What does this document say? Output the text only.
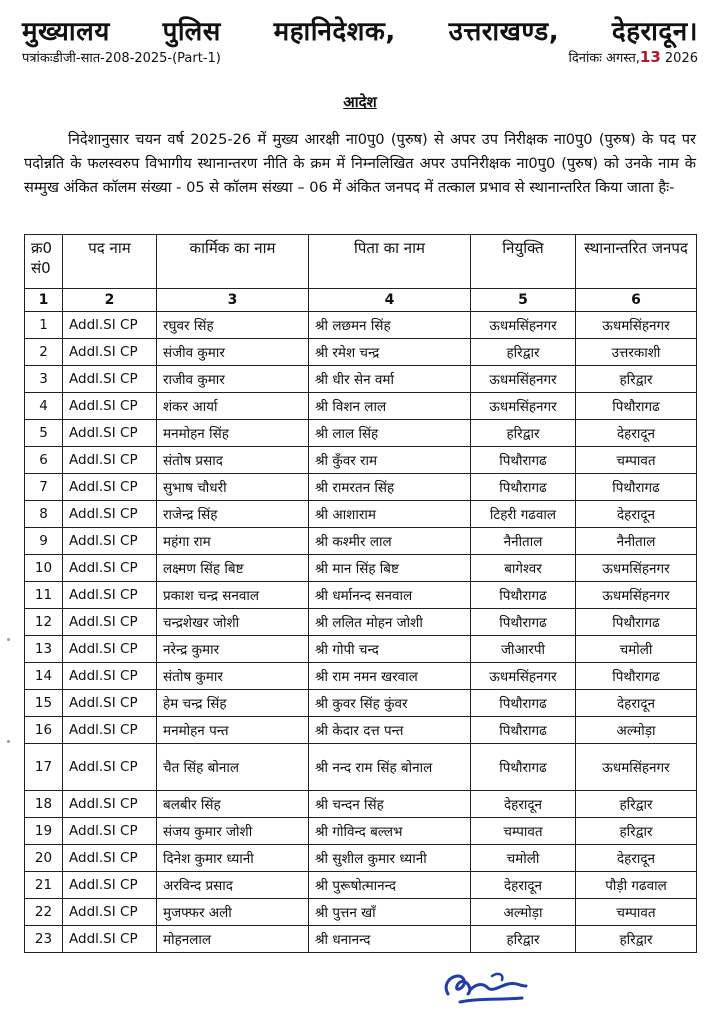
मुख्यालय पुलिस महानिदेशक, उत्तराखण्ड, देहरादून।
पत्रांकःडीजी-सात-208-2025-(Part-1)	दिनांकः अगस्त,13 2026
आदेश

निदेशानुसार चयन वर्ष 2025-26 में मुख्य आरक्षी ना0पु0 (पुरुष) से अपर उप निरीक्षक ना0पु0 (पुरुष) के पद पर पदोन्नति के फलस्वरुप विभागीय स्थानान्तरण नीति के क्रम में निम्नलिखित अपर उपनिरीक्षक ना0पु0 (पुरुष) को उनके नाम के सम्मुख अंकित कॉलम संख्या - 05 से कॉलम संख्या – 06 में अंकित जनपद में तत्काल प्रभाव से स्थानान्तरित किया जाता हैः-

क्र0 सं0	पद नाम	कार्मिक का नाम	पिता का नाम	नियुक्ति	स्थानान्तरित जनपद
1	2	3	4	5	6
1	Addl.SI CP	रघुवर सिंह	श्री लछमन सिंह	ऊधमसिंहनगर	ऊधमसिंहनगर
2	Addl.SI CP	संजीव कुमार	श्री रमेश चन्द्र	हरिद्वार	उत्तरकाशी
3	Addl.SI CP	राजीव कुमार	श्री धीर सेन वर्मा	ऊधमसिंहनगर	हरिद्वार
4	Addl.SI CP	शंकर आर्या	श्री विशन लाल	ऊधमसिंहनगर	पिथौरागढ
5	Addl.SI CP	मनमोहन सिंह	श्री लाल सिंह	हरिद्वार	देहरादून
6	Addl.SI CP	संतोष प्रसाद	श्री कुँवर राम	पिथौरागढ	चम्पावत
7	Addl.SI CP	सुभाष चौधरी	श्री रामरतन सिंह	पिथौरागढ	पिथौरागढ
8	Addl.SI CP	राजेन्द्र सिंह	श्री आशाराम	टिहरी गढवाल	देहरादून
9	Addl.SI CP	महंगा राम	श्री कश्मीर लाल	नैनीताल	नैनीताल
10	Addl.SI CP	लक्ष्मण सिंह बिष्ट	श्री मान सिंह बिष्ट	बागेश्वर	ऊधमसिंहनगर
11	Addl.SI CP	प्रकाश चन्द्र सनवाल	श्री धर्मानन्द सनवाल	पिथौरागढ	ऊधमसिंहनगर
12	Addl.SI CP	चन्द्रशेखर जोशी	श्री ललित मोहन जोशी	पिथौरागढ	पिथौरागढ
13	Addl.SI CP	नरेन्द्र कुमार	श्री गोपी चन्द	जीआरपी	चमोली
14	Addl.SI CP	संतोष कुमार	श्री राम नमन खरवाल	ऊधमसिंहनगर	पिथौरागढ
15	Addl.SI CP	हेम चन्द्र सिंह	श्री कुवर सिंह कुंवर	पिथौरागढ	देहरादून
16	Addl.SI CP	मनमोहन पन्त	श्री केदार दत्त पन्त	पिथौरागढ	अल्मोड़ा
17	Addl.SI CP	चैत सिंह बोनाल	श्री नन्द राम सिंह बोनाल	पिथौरागढ	ऊधमसिंहनगर
18	Addl.SI CP	बलबीर सिंह	श्री चन्दन सिंह	देहरादून	हरिद्वार
19	Addl.SI CP	संजय कुमार जोशी	श्री गोविन्द बल्लभ	चम्पावत	हरिद्वार
20	Addl.SI CP	दिनेश कुमार ध्यानी	श्री सुशील कुमार ध्यानी	चमोली	देहरादून
21	Addl.SI CP	अरविन्द प्रसाद	श्री पुरूषोत्मानन्द	देहरादून	पौड़ी गढवाल
22	Addl.SI CP	मुजफ्फर अली	श्री पुत्तन खाँ	अल्मोड़ा	चम्पावत
23	Addl.SI CP	मोहनलाल	श्री धनानन्द	हरिद्वार	हरिद्वार
